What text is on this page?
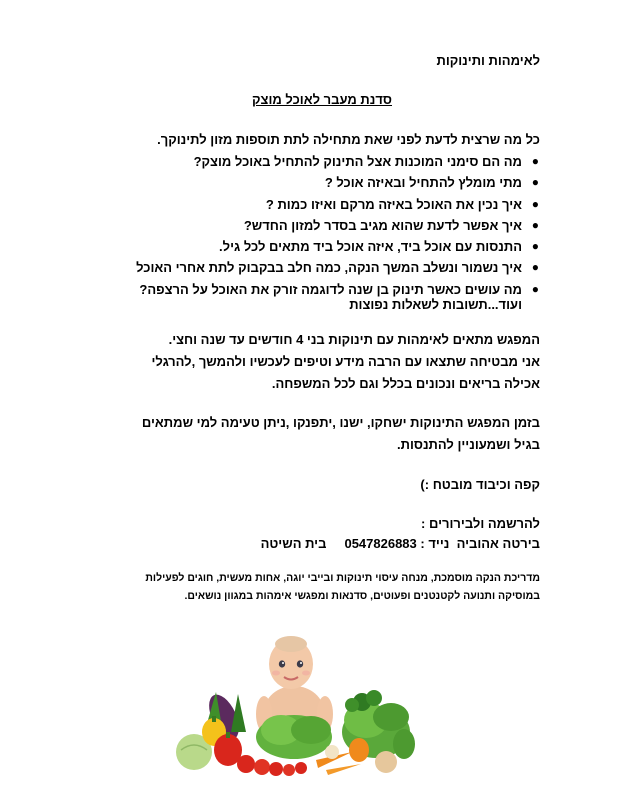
לאימהות ותינוקות
סדנת מעבר לאוכל מוצק
כל מה שרצית לדעת לפני שאת מתחילה לתת תוספות מזון לתינוקך.
●
מה הם סימני המוכנות אצל התינוק להתחיל באוכל מוצק?
●
מתי מומלץ להתחיל ובאיזה אוכל ?
●
איך נכין את האוכל באיזה מרקם ואיזו כמות ?
●
איך אפשר לדעת שהוא מגיב בסדר למזון החדש?
●
התנסות עם אוכל ביד, איזה אוכל ביד מתאים לכל גיל.
●
איך נשמור ונשלב המשך הנקה, כמה חלב בבקבוק לתת אחרי האוכל
●
מה עושים כאשר תינוק בן שנה לדוגמה זורק את האוכל על הרצפה?
ועוד...תשובות לשאלות נפוצות
המפגש מתאים לאימהות עם תינוקות בני 4 חודשים עד שנה וחצי.
אני מבטיחה שתצאו עם הרבה מידע וטיפים לעכשיו ולהמשך ,להרגלי
אכילה בריאים ונכונים בכלל וגם לכל המשפחה.
בזמן המפגש התינוקות ישחקו, ישנו ,יתפנקו ,ניתן טעימה למי שמתאים
בגיל ושמעוניין להתנסות.
קפה וכיבוד מובטח :)
להרשמה ולבירורים :
בירטה אהוביה  נייד : 0547826883     בית השיטה
מדריכת הנקה מוסמכת, מנחה עיסוי תינוקות ובייבי יוגה, אחות מעשית, חוגים לפעילות
במוסיקה ותנועה לקטנטנים ופעוטים, סדנאות ומפגשי אימהות במגוון נושאים.
